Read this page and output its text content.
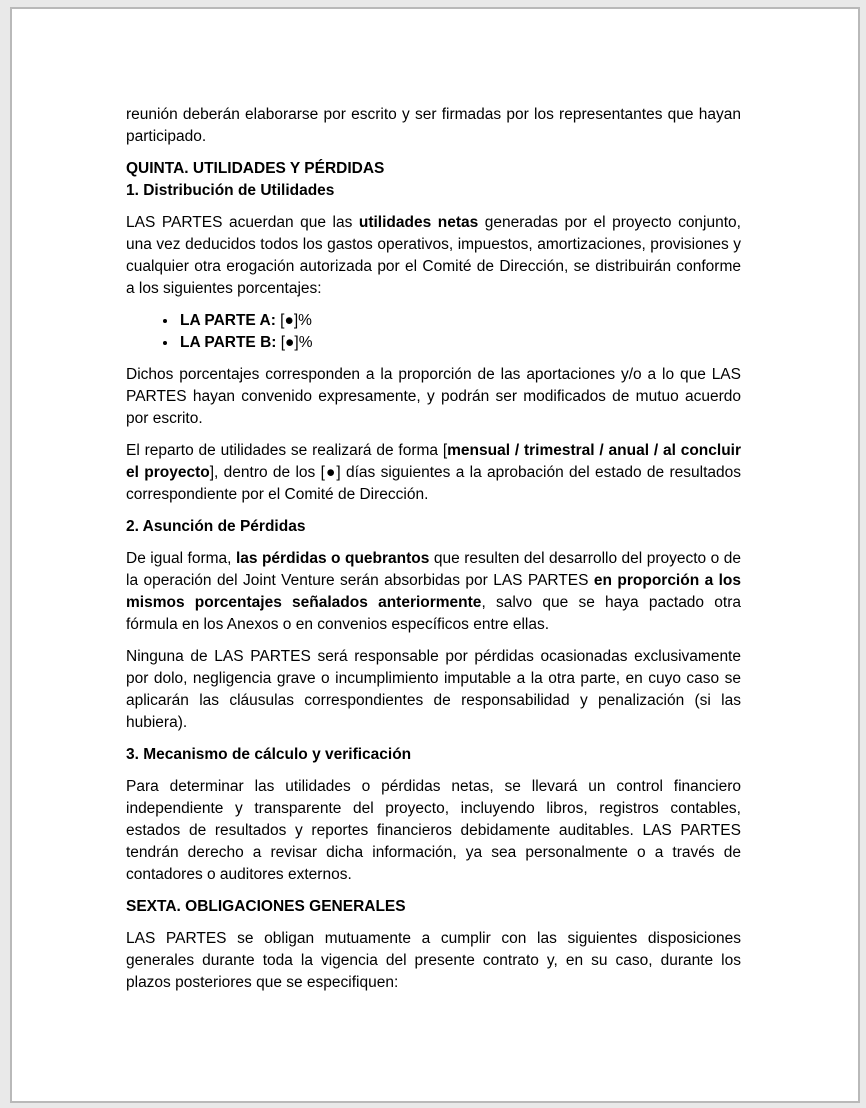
reunión deberán elaborarse por escrito y ser firmadas por los representantes que hayan participado.

QUINTA. UTILIDADES Y PÉRDIDAS
1. Distribución de Utilidades

LAS PARTES acuerdan que las utilidades netas generadas por el proyecto conjunto, una vez deducidos todos los gastos operativos, impuestos, amortizaciones, provisiones y cualquier otra erogación autorizada por el Comité de Dirección, se distribuirán conforme a los siguientes porcentajes:

• LA PARTE A: [●]%
• LA PARTE B: [●]%

Dichos porcentajes corresponden a la proporción de las aportaciones y/o a lo que LAS PARTES hayan convenido expresamente, y podrán ser modificados de mutuo acuerdo por escrito.

El reparto de utilidades se realizará de forma [mensual / trimestral / anual / al concluir el proyecto], dentro de los [●] días siguientes a la aprobación del estado de resultados correspondiente por el Comité de Dirección.

2. Asunción de Pérdidas

De igual forma, las pérdidas o quebrantos que resulten del desarrollo del proyecto o de la operación del Joint Venture serán absorbidas por LAS PARTES en proporción a los mismos porcentajes señalados anteriormente, salvo que se haya pactado otra fórmula en los Anexos o en convenios específicos entre ellas.

Ninguna de LAS PARTES será responsable por pérdidas ocasionadas exclusivamente por dolo, negligencia grave o incumplimiento imputable a la otra parte, en cuyo caso se aplicarán las cláusulas correspondientes de responsabilidad y penalización (si las hubiera).

3. Mecanismo de cálculo y verificación

Para determinar las utilidades o pérdidas netas, se llevará un control financiero independiente y transparente del proyecto, incluyendo libros, registros contables, estados de resultados y reportes financieros debidamente auditables. LAS PARTES tendrán derecho a revisar dicha información, ya sea personalmente o a través de contadores o auditores externos.

SEXTA. OBLIGACIONES GENERALES

LAS PARTES se obligan mutuamente a cumplir con las siguientes disposiciones generales durante toda la vigencia del presente contrato y, en su caso, durante los plazos posteriores que se especifiquen:
